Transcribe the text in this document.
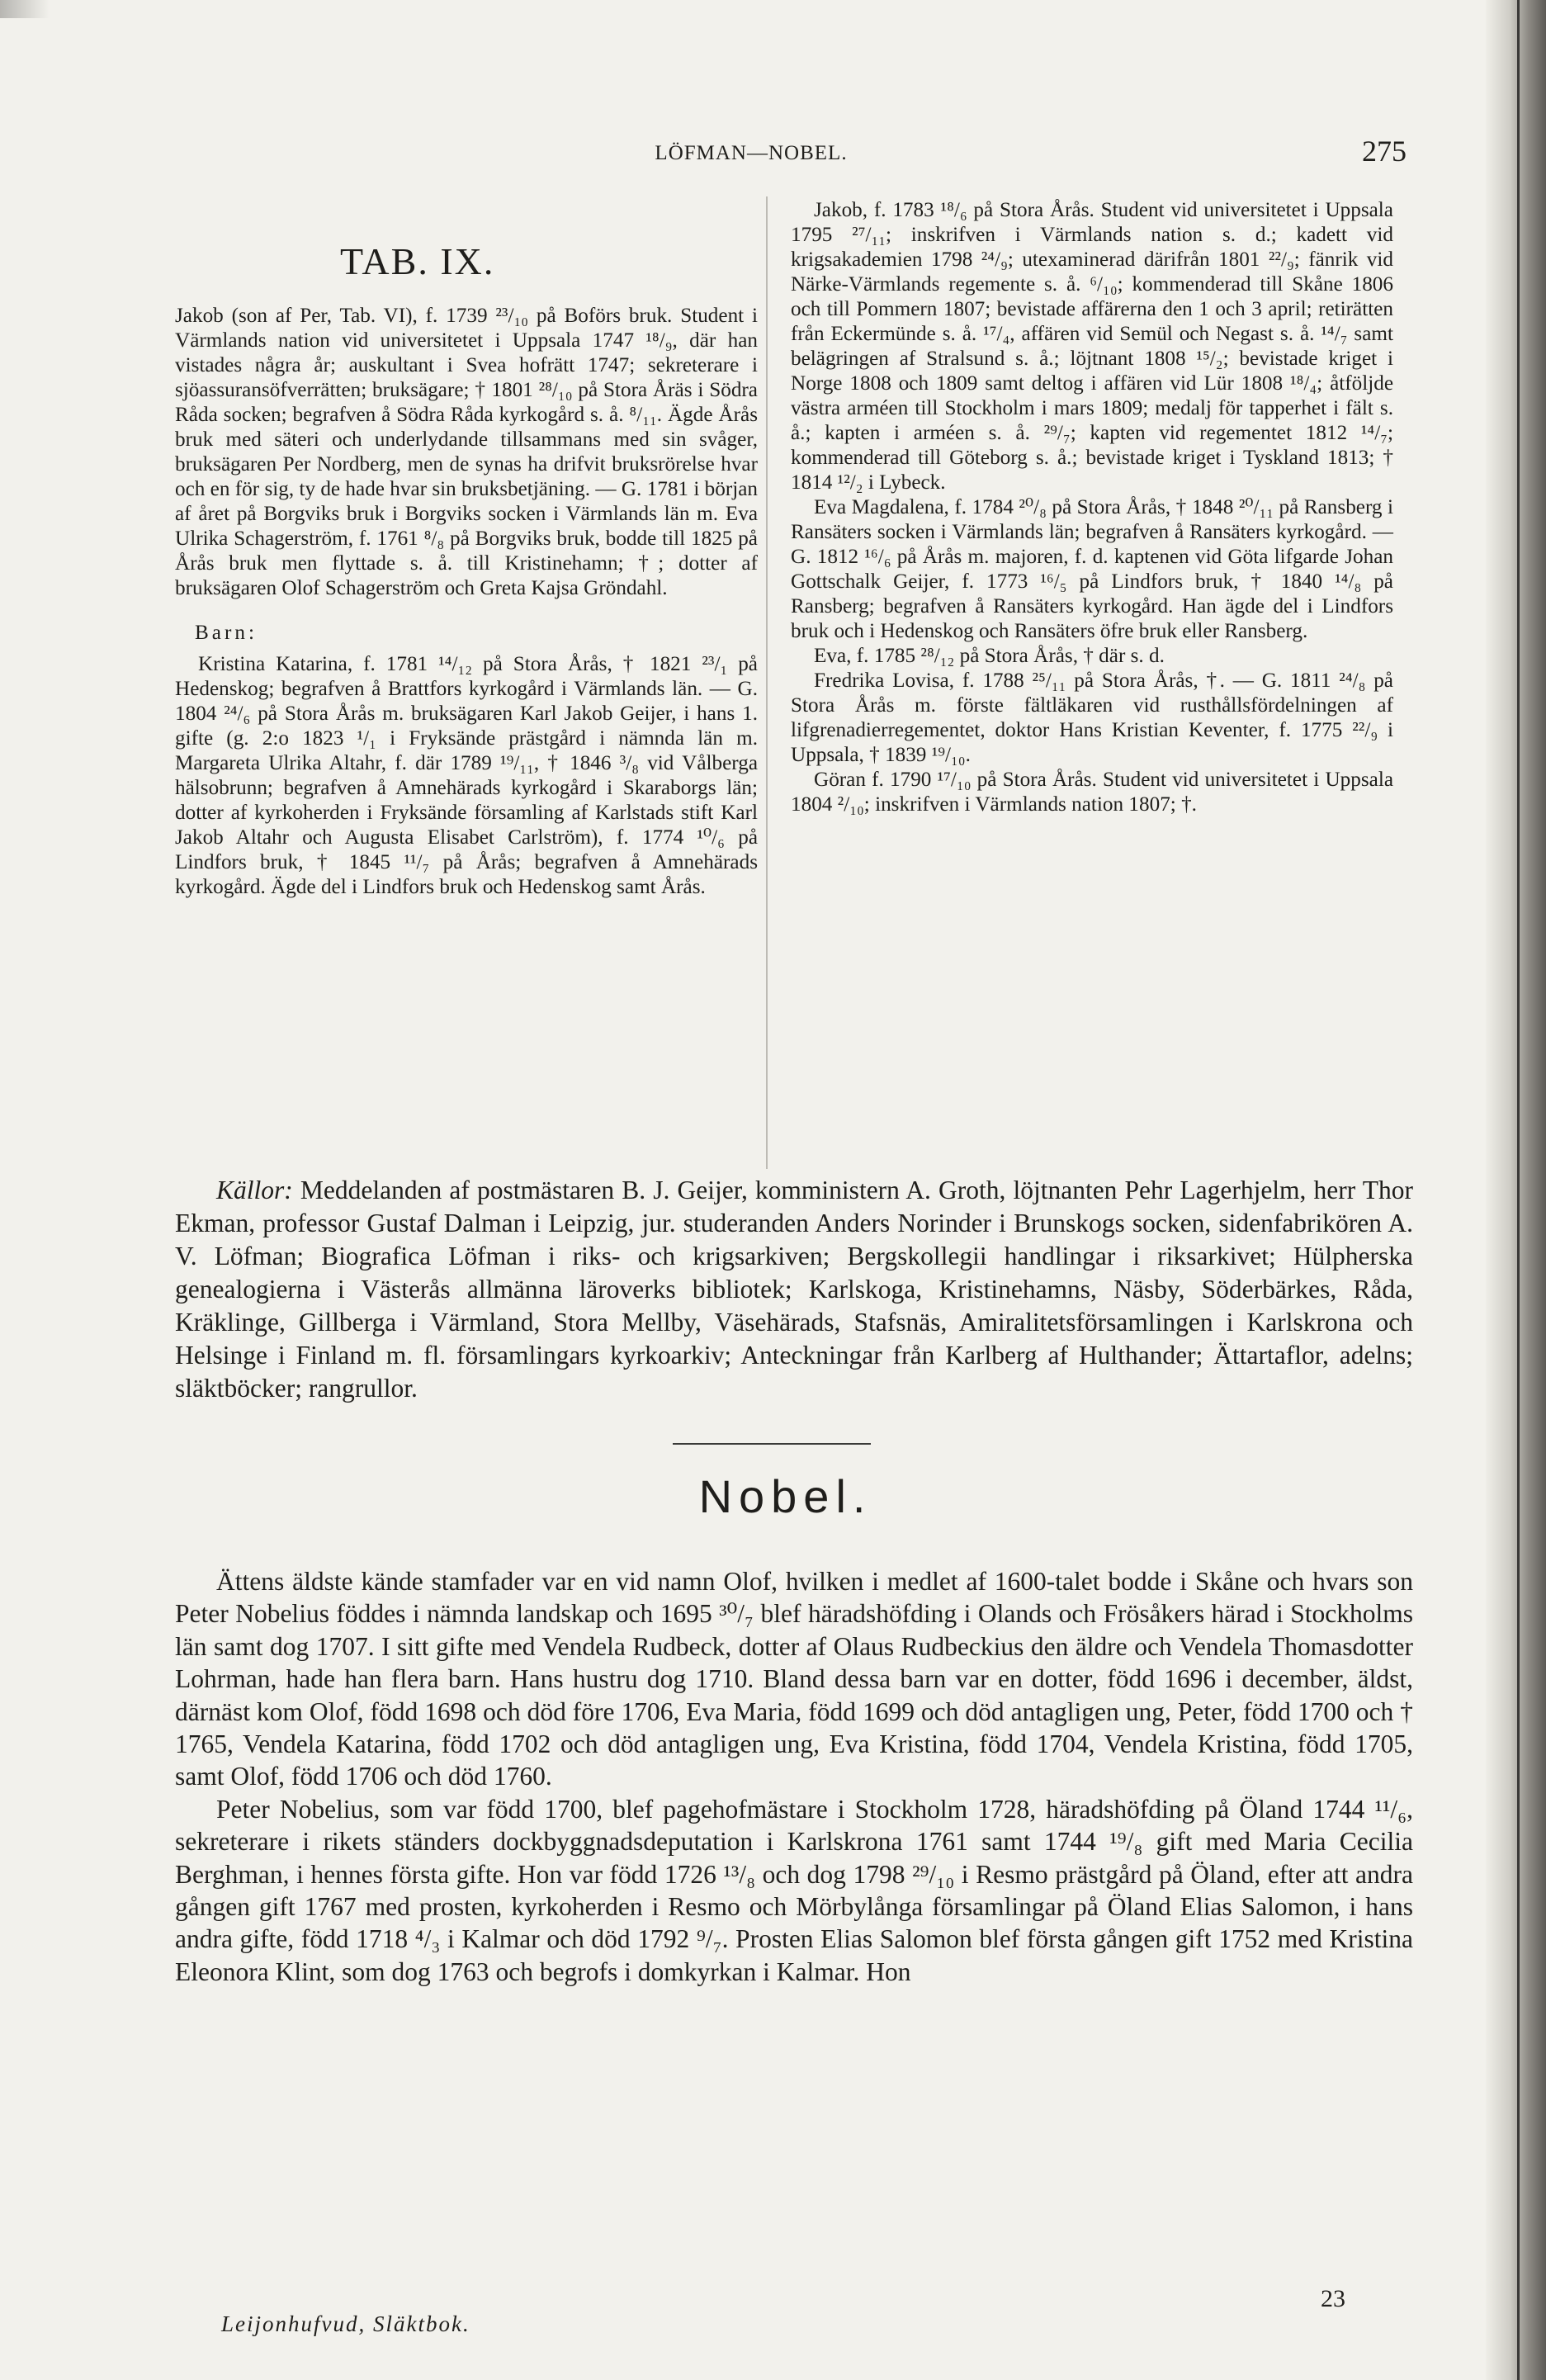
LÖFMAN—NOBEL.	275
TAB. IX.

Jakob (son af Per, Tab. VI), f. 1739 ²³/₁₀ på Boförs bruk. Student i Värmlands nation vid universitetet i Uppsala 1747 ¹⁸/₉, där han vistades några år; auskultant i Svea hofrätt 1747; sekreterare i sjöassuransöfverrätten; bruksägare; † 1801 ²⁸/₁₀ på Stora Åräs i Södra Råda socken; begrafven å Södra Råda kyrkogård s. å. ⁸/₁₁. Ägde Årås bruk med säteri och underlydande tillsammans med sin svåger, bruksägaren Per Nordberg, men de synas ha drifvit bruksrörelse hvar och en för sig, ty de hade hvar sin bruksbetjäning. — G. 1781 i början af året på Borgviks bruk i Borgviks socken i Värmlands län m. Eva Ulrika Schagerström, f. 1761 ⁸/₈ på Borgviks bruk, bodde till 1825 på Årås bruk men flyttade s. å. till Kristinehamn; †; dotter af bruksägaren Olof Schagerström och Greta Kajsa Gröndahl.

Barn:

Kristina Katarina, f. 1781 ¹⁴/₁₂ på Stora Årås, † 1821 ²³/₁ på Hedenskog; begrafven å Brattfors kyrkogård i Värmlands län. — G. 1804 ²⁴/₆ på Stora Årås m. bruksägaren Karl Jakob Geijer, i hans 1. gifte (g. 2:o 1823 ¹/₁ i Fryksände prästgård i nämnda län m. Margareta Ulrika Altahr, f. där 1789 ¹⁹/₁₁, † 1846 ³/₈ vid Vålberga hälsobrunn; begrafven å Amnehärads kyrkogård i Skaraborgs län; dotter af kyrkoherden i Fryksände församling af Karlstads stift Karl Jakob Altahr och Augusta Elisabet Carlström), f. 1774 ¹⁰/₆ på Lindfors bruk, † 1845 ¹¹/₇ på Årås; begrafven å Amnehärads kyrkogård. Ägde del i Lindfors bruk och Hedenskog samt Årås.

Jakob, f. 1783 ¹⁸/₆ på Stora Årås. Student vid universitetet i Uppsala 1795 ²⁷/₁₁; inskrifven i Värmlands nation s. d.; kadett vid krigsakademien 1798 ²⁴/₉; utexaminerad därifrån 1801 ²²/₉; fänrik vid Närke-Värmlands regemente s. å. ⁶/₁₀; kommenderad till Skåne 1806 och till Pommern 1807; bevistade affärerna den 1 och 3 april; retirätten från Eckermünde s. å. ¹⁷/₄, affären vid Semül och Negast s. å. ¹⁴/₇ samt belägringen af Stralsund s. å.; löjtnant 1808 ¹⁵/₂; bevistade kriget i Norge 1808 och 1809 samt deltog i affären vid Lür 1808 ¹⁸/₄; åtföljde västra arméen till Stockholm i mars 1809; medalj för tapperhet i fält s. å.; kapten i arméen s. å. ²⁹/₇; kapten vid regementet 1812 ¹⁴/₇; kommenderad till Göteborg s. å.; bevistade kriget i Tyskland 1813; † 1814 ¹²/₂ i Lybeck.

Eva Magdalena, f. 1784 ²⁰/₈ på Stora Årås, † 1848 ²⁰/₁₁ på Ransberg i Ransäters socken i Värmlands län; begrafven å Ransäters kyrkogård. — G. 1812 ¹⁶/₆ på Årås m. majoren, f. d. kaptenen vid Göta lifgarde Johan Gottschalk Geijer, f. 1773 ¹⁶/₅ på Lindfors bruk, † 1840 ¹⁴/₈ på Ransberg; begrafven å Ransäters kyrkogård. Han ägde del i Lindfors bruk och i Hedenskog och Ransäters öfre bruk eller Ransberg.

Eva, f. 1785 ²⁸/₁₂ på Stora Årås, † där s. d.

Fredrika Lovisa, f. 1788 ²⁵/₁₁ på Stora Årås, †. — G. 1811 ²⁴/₈ på Stora Årås m. förste fältläkaren vid rusthållsfördelningen af lifgrenadierregementet, doktor Hans Kristian Keventer, f. 1775 ²²/₉ i Uppsala, † 1839 ¹⁹/₁₀.

Göran f. 1790 ¹⁷/₁₀ på Stora Årås. Student vid universitetet i Uppsala 1804 ²/₁₀; inskrifven i Värmlands nation 1807; †.

Källor: Meddelanden af postmästaren B. J. Geijer, komministern A. Groth, löjtnanten Pehr Lagerhjelm, herr Thor Ekman, professor Gustaf Dalman i Leipzig, jur. studeranden Anders Norinder i Brunskogs socken, sidenfabrikören A. V. Löfman; Biografica Löfman i riks- och krigsarkiven; Bergskollegii handlingar i riksarkivet; Hülpherska genealogierna i Västerås allmänna läroverks bibliotek; Karlskoga, Kristinehamns, Näsby, Söderbärkes, Råda, Kräklinge, Gillberga i Värmland, Stora Mellby, Väsehärads, Stafsnäs, Amiralitetsförsamlingen i Karlskrona och Helsinge i Finland m. fl. församlingars kyrkoarkiv; Anteckningar från Karlberg af Hulthander; Ättartaflor, adelns; släktböcker; rangrullor.

Nobel.

Ättens äldste kände stamfader var en vid namn Olof, hvilken i medlet af 1600-talet bodde i Skåne och hvars son Peter Nobelius föddes i nämnda landskap och 1695 ³⁰/₇ blef häradshöfding i Olands och Frösåkers härad i Stockholms län samt dog 1707. I sitt gifte med Vendela Rudbeck, dotter af Olaus Rudbeckius den äldre och Vendela Thomasdotter Lohrman, hade han flera barn. Hans hustru dog 1710. Bland dessa barn var en dotter, född 1696 i december, äldst, därnäst kom Olof, född 1698 och död före 1706, Eva Maria, född 1699 och död antagligen ung, Peter, född 1700 och † 1765, Vendela Katarina, född 1702 och död antagligen ung, Eva Kristina, född 1704, Vendela Kristina, född 1705, samt Olof, född 1706 och död 1760.

Peter Nobelius, som var född 1700, blef pagehofmästare i Stockholm 1728, häradshöfding på Öland 1744 ¹¹/₆, sekreterare i rikets ständers dockbyggnadsdeputation i Karlskrona 1761 samt 1744 ¹⁹/₈ gift med Maria Cecilia Berghman, i hennes första gifte. Hon var född 1726 ¹³/₈ och dog 1798 ²⁹/₁₀ i Resmo prästgård på Öland, efter att andra gången gift 1767 med prosten, kyrkoherden i Resmo och Mörbylånga församlingar på Öland Elias Salomon, i hans andra gifte, född 1718 ⁴/₃ i Kalmar och död 1792 ⁹/₇. Prosten Elias Salomon blef första gången gift 1752 med Kristina Eleonora Klint, som dog 1763 och begrofs i domkyrkan i Kalmar. Hon

Leijonhufvud, Släktbok.
23
